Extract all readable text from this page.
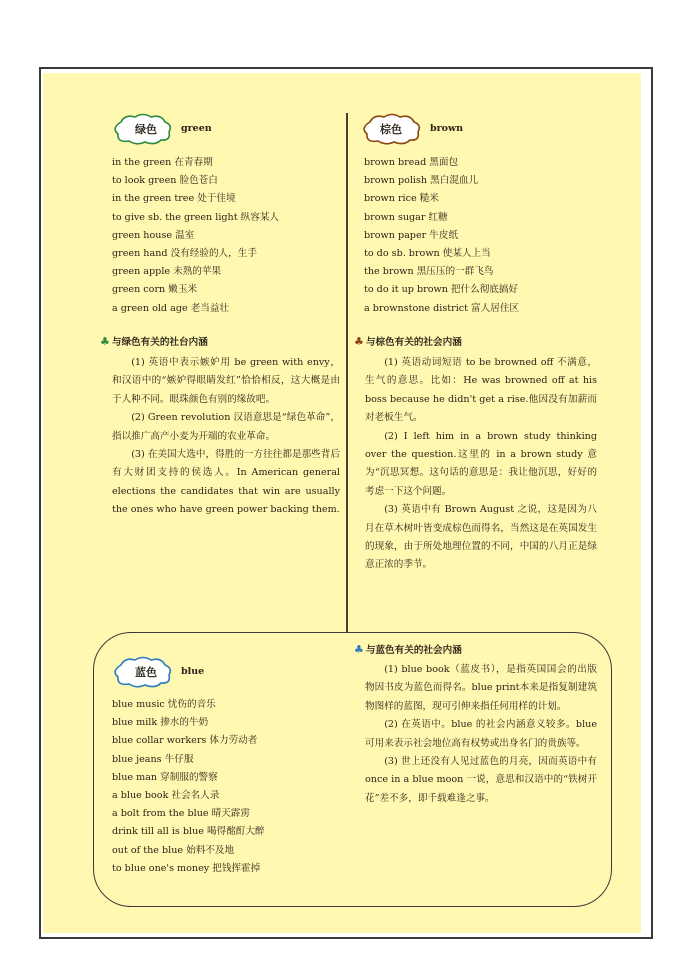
绿色	green	棕色	brown
in the green 在青春期
to look green 脸色苍白
in the green tree 处于佳境
to give sb. the green light 纵容某人
green house 温室
green hand 没有经验的人，生手
green apple 未熟的苹果
green corn 嫩玉米
a green old age 老当益壮
brown bread 黑面包
brown polish 黑白混血儿
brown rice 糙米
brown sugar 红糖
brown paper 牛皮纸
to do sb. brown 使某人上当
the brown 黑压压的一群飞鸟
to do it up brown 把什么彻底搞好
a brownstone district 富人居住区
♣ 与绿色有关的社台内涵

(1) 英语中表示嫉妒用 be green with envy，和汉语中的“嫉妒得眼睛发红”恰恰相反，这大概是由于人种不同。眼珠颜色有别的缘故吧。

(2) Green revolution 汉语意思是“绿色革命”，指以推广高产小麦为开端的农业革命。

(3) 在美国大选中，得胜的一方往往都是那些背后有大财团支持的侯选人。In American general elections the candidates that win are usually the ones who have green power backing them.

♣ 与棕色有关的社会内涵

(1) 英语动词短语 to be browned off 不满意，生气的意思。比如：He was browned off at his boss because he didn't get a rise.他因没有加薪而对老板生气。

(2) I left him in a brown study thinking over the question.这里的 in a brown study 意为“沉思冥想。这句话的意思是：我让他沉思，好好的考虑一下这个问题。

(3) 英语中有 Brown August 之说，这是因为八月在草木树叶皆变成棕色而得名，当然这是在英国发生的现象，由于所处地理位置的不同，中国的八月正是绿意正浓的季节。

蓝色	blue
blue music 忧伤的音乐
blue milk 掺水的牛奶
blue collar workers 体力劳动者
blue jeans 牛仔服
blue man 穿制服的警察
a blue book 社会名人录
a bolt from the blue 晴天霹雳
drink till all is blue 喝得酩酊大醉
out of the blue 始料不及地
to blue one's money 把钱挥霍掉
♣ 与蓝色有关的社会内涵

(1) blue book（蓝皮书），是指英国国会的出版物因书皮为蓝色而得名。blue print本来是指复制建筑物图样的蓝图，现可引伸来指任何用样的计划。

(2) 在英语中。blue 的社会内涵意义较多。blue 可用来表示社会地位高有权势或出身名门的贵族等。

(3) 世上还没有人见过蓝色的月亮，因而英语中有 once in a blue moon 一说，意思和汉语中的“铁树开花”差不多，即千载难逢之事。
